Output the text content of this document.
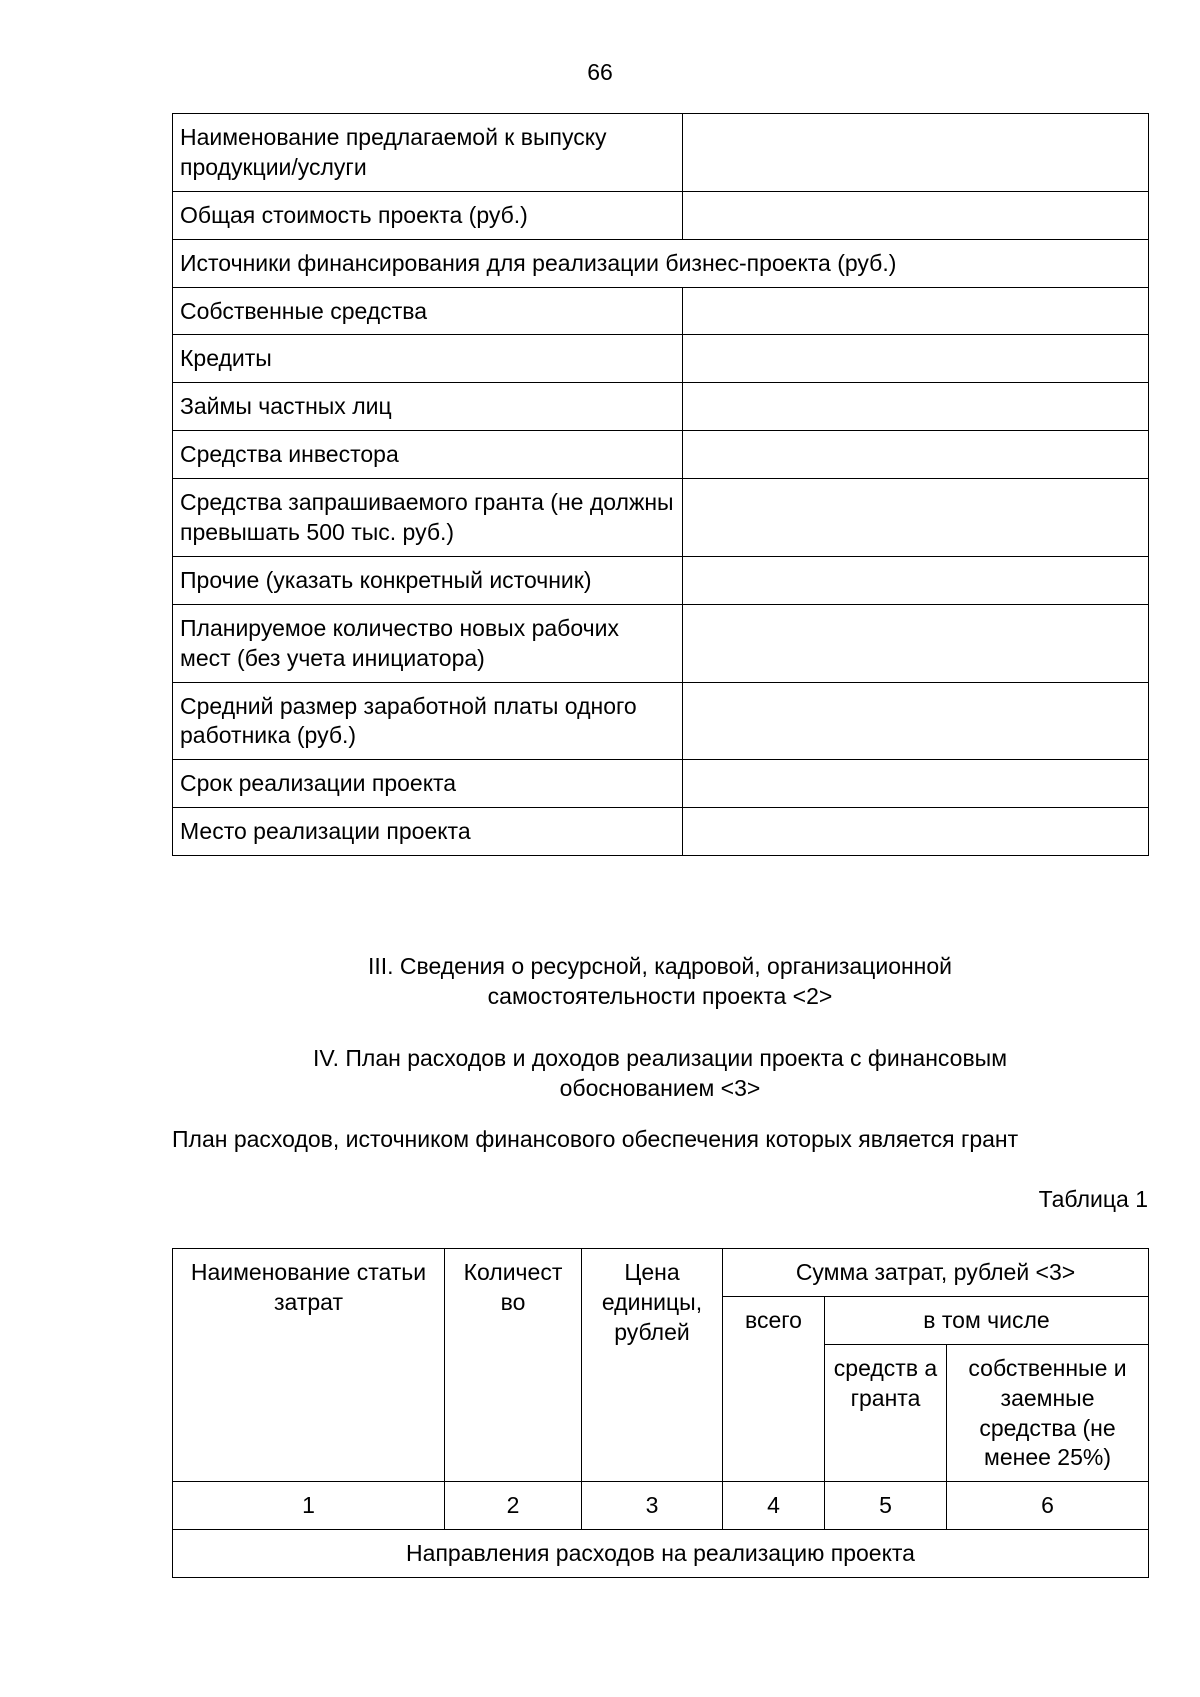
66
Наименование предлагаемой к выпуску продукции/услуги	
Общая стоимость проекта (руб.)	
Источники финансирования для реализации бизнес-проекта (руб.)	
Собственные средства	
Кредиты	
Займы частных лиц	
Средства инвестора	
Средства запрашиваемого гранта (не должны превышать 500 тыс. руб.)	
Прочие (указать конкретный источник)	
Планируемое количество новых рабочих мест (без учета инициатора)	
Средний размер заработной платы одного работника (руб.)	
Срок реализации проекта	
Место реализации проекта	
III. Сведения о ресурсной, кадровой, организационной
самостоятельности проекта <2>
IV. План расходов и доходов реализации проекта с финансовым
обоснованием <3>
План расходов, источником финансового обеспечения которых является грант
Таблица 1
Наименование статьи затрат	Количест во	Цена единицы, рублей	Сумма затрат, рублей <3>		
			всего	в том числе	
				средств а гранта	собственные и заемные средства (не менее 25%)
1	2	3	4	5	6
Направления расходов на реализацию проекта					
